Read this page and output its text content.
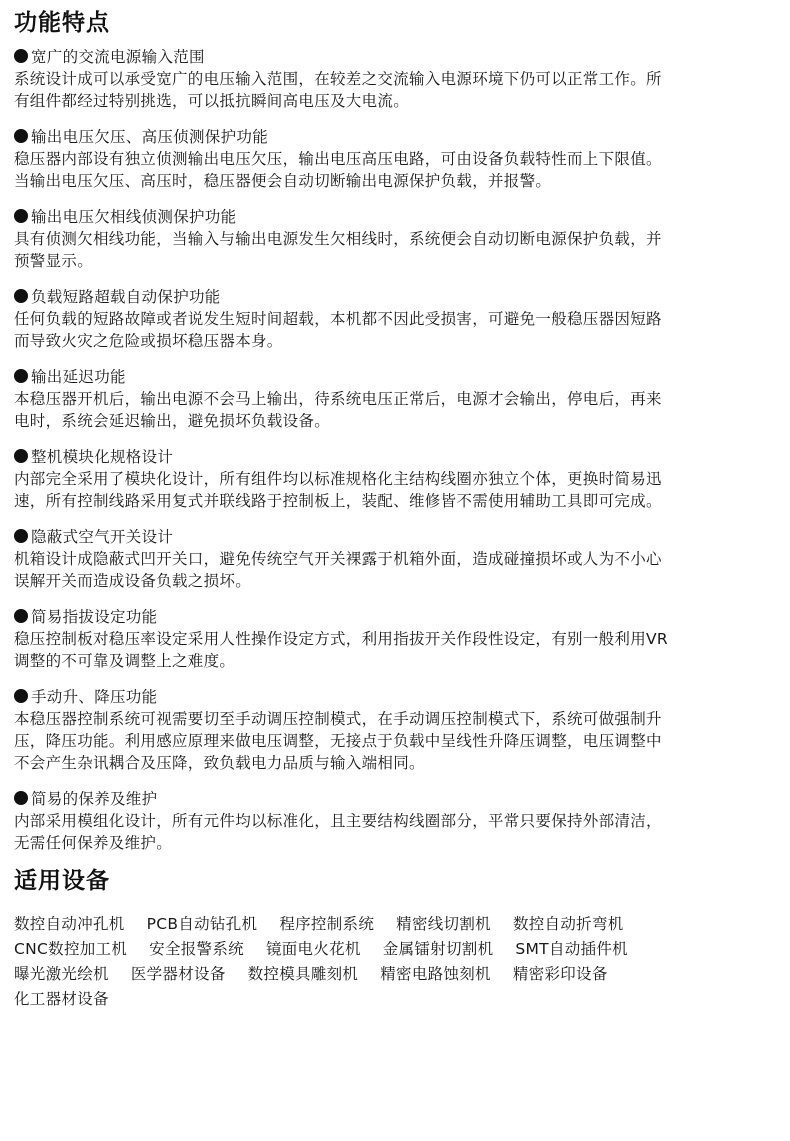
功能特点
宽广的交流电源输入范围
系统设计成可以承受宽广的电压输入范围，在较差之交流输入电源环境下仍可以正常工作。所
有组件都经过特别挑选，可以抵抗瞬间高电压及大电流。
输出电压欠压、高压侦测保护功能
稳压器内部设有独立侦测输出电压欠压，输出电压高压电路，可由设备负载特性而上下限值。
当输出电压欠压、高压时，稳压器便会自动切断输出电源保护负载，并报警。
输出电压欠相线侦测保护功能
具有侦测欠相线功能，当输入与输出电源发生欠相线时，系统便会自动切断电源保护负载，并
预警显示。
负载短路超载自动保护功能
任何负载的短路故障或者说发生短时间超载，本机都不因此受损害，可避免一般稳压器因短路
而导致火灾之危险或损坏稳压器本身。
输出延迟功能
本稳压器开机后，输出电源不会马上输出，待系统电压正常后，电源才会输出，停电后，再来
电时，系统会延迟输出，避免损坏负载设备。
整机模块化规格设计
内部完全采用了模块化设计，所有组件均以标准规格化主结构线圈亦独立个体，更换时简易迅
速，所有控制线路采用复式并联线路于控制板上，装配、维修皆不需使用辅助工具即可完成。
隐蔽式空气开关设计
机箱设计成隐蔽式凹开关口，避免传统空气开关裸露于机箱外面，造成碰撞损坏或人为不小心
误解开关而造成设备负载之损坏。
简易指拔设定功能
稳压控制板对稳压率设定采用人性操作设定方式，利用指拔开关作段性设定，有别一般利用VR
调整的不可靠及调整上之难度。
手动升、降压功能
本稳压器控制系统可视需要切至手动调压控制模式，在手动调压控制模式下，系统可做强制升
压，降压功能。利用感应原理来做电压调整，无接点于负载中呈线性升降压调整，电压调整中
不会产生杂讯耦合及压降，致负载电力品质与输入端相同。
简易的保养及维护
内部采用模组化设计，所有元件均以标准化，且主要结构线圈部分，平常只要保持外部清洁，
无需任何保养及维护。
适用设备
数控自动冲孔机 PCB自动钻孔机 程序控制系统 精密线切割机 数控自动折弯机
CNC数控加工机 安全报警系统 镜面电火花机 金属镭射切割机 SMT自动插件机
曝光激光绘机 医学器材设备 数控模具雕刻机 精密电路蚀刻机 精密彩印设备
化工器材设备
